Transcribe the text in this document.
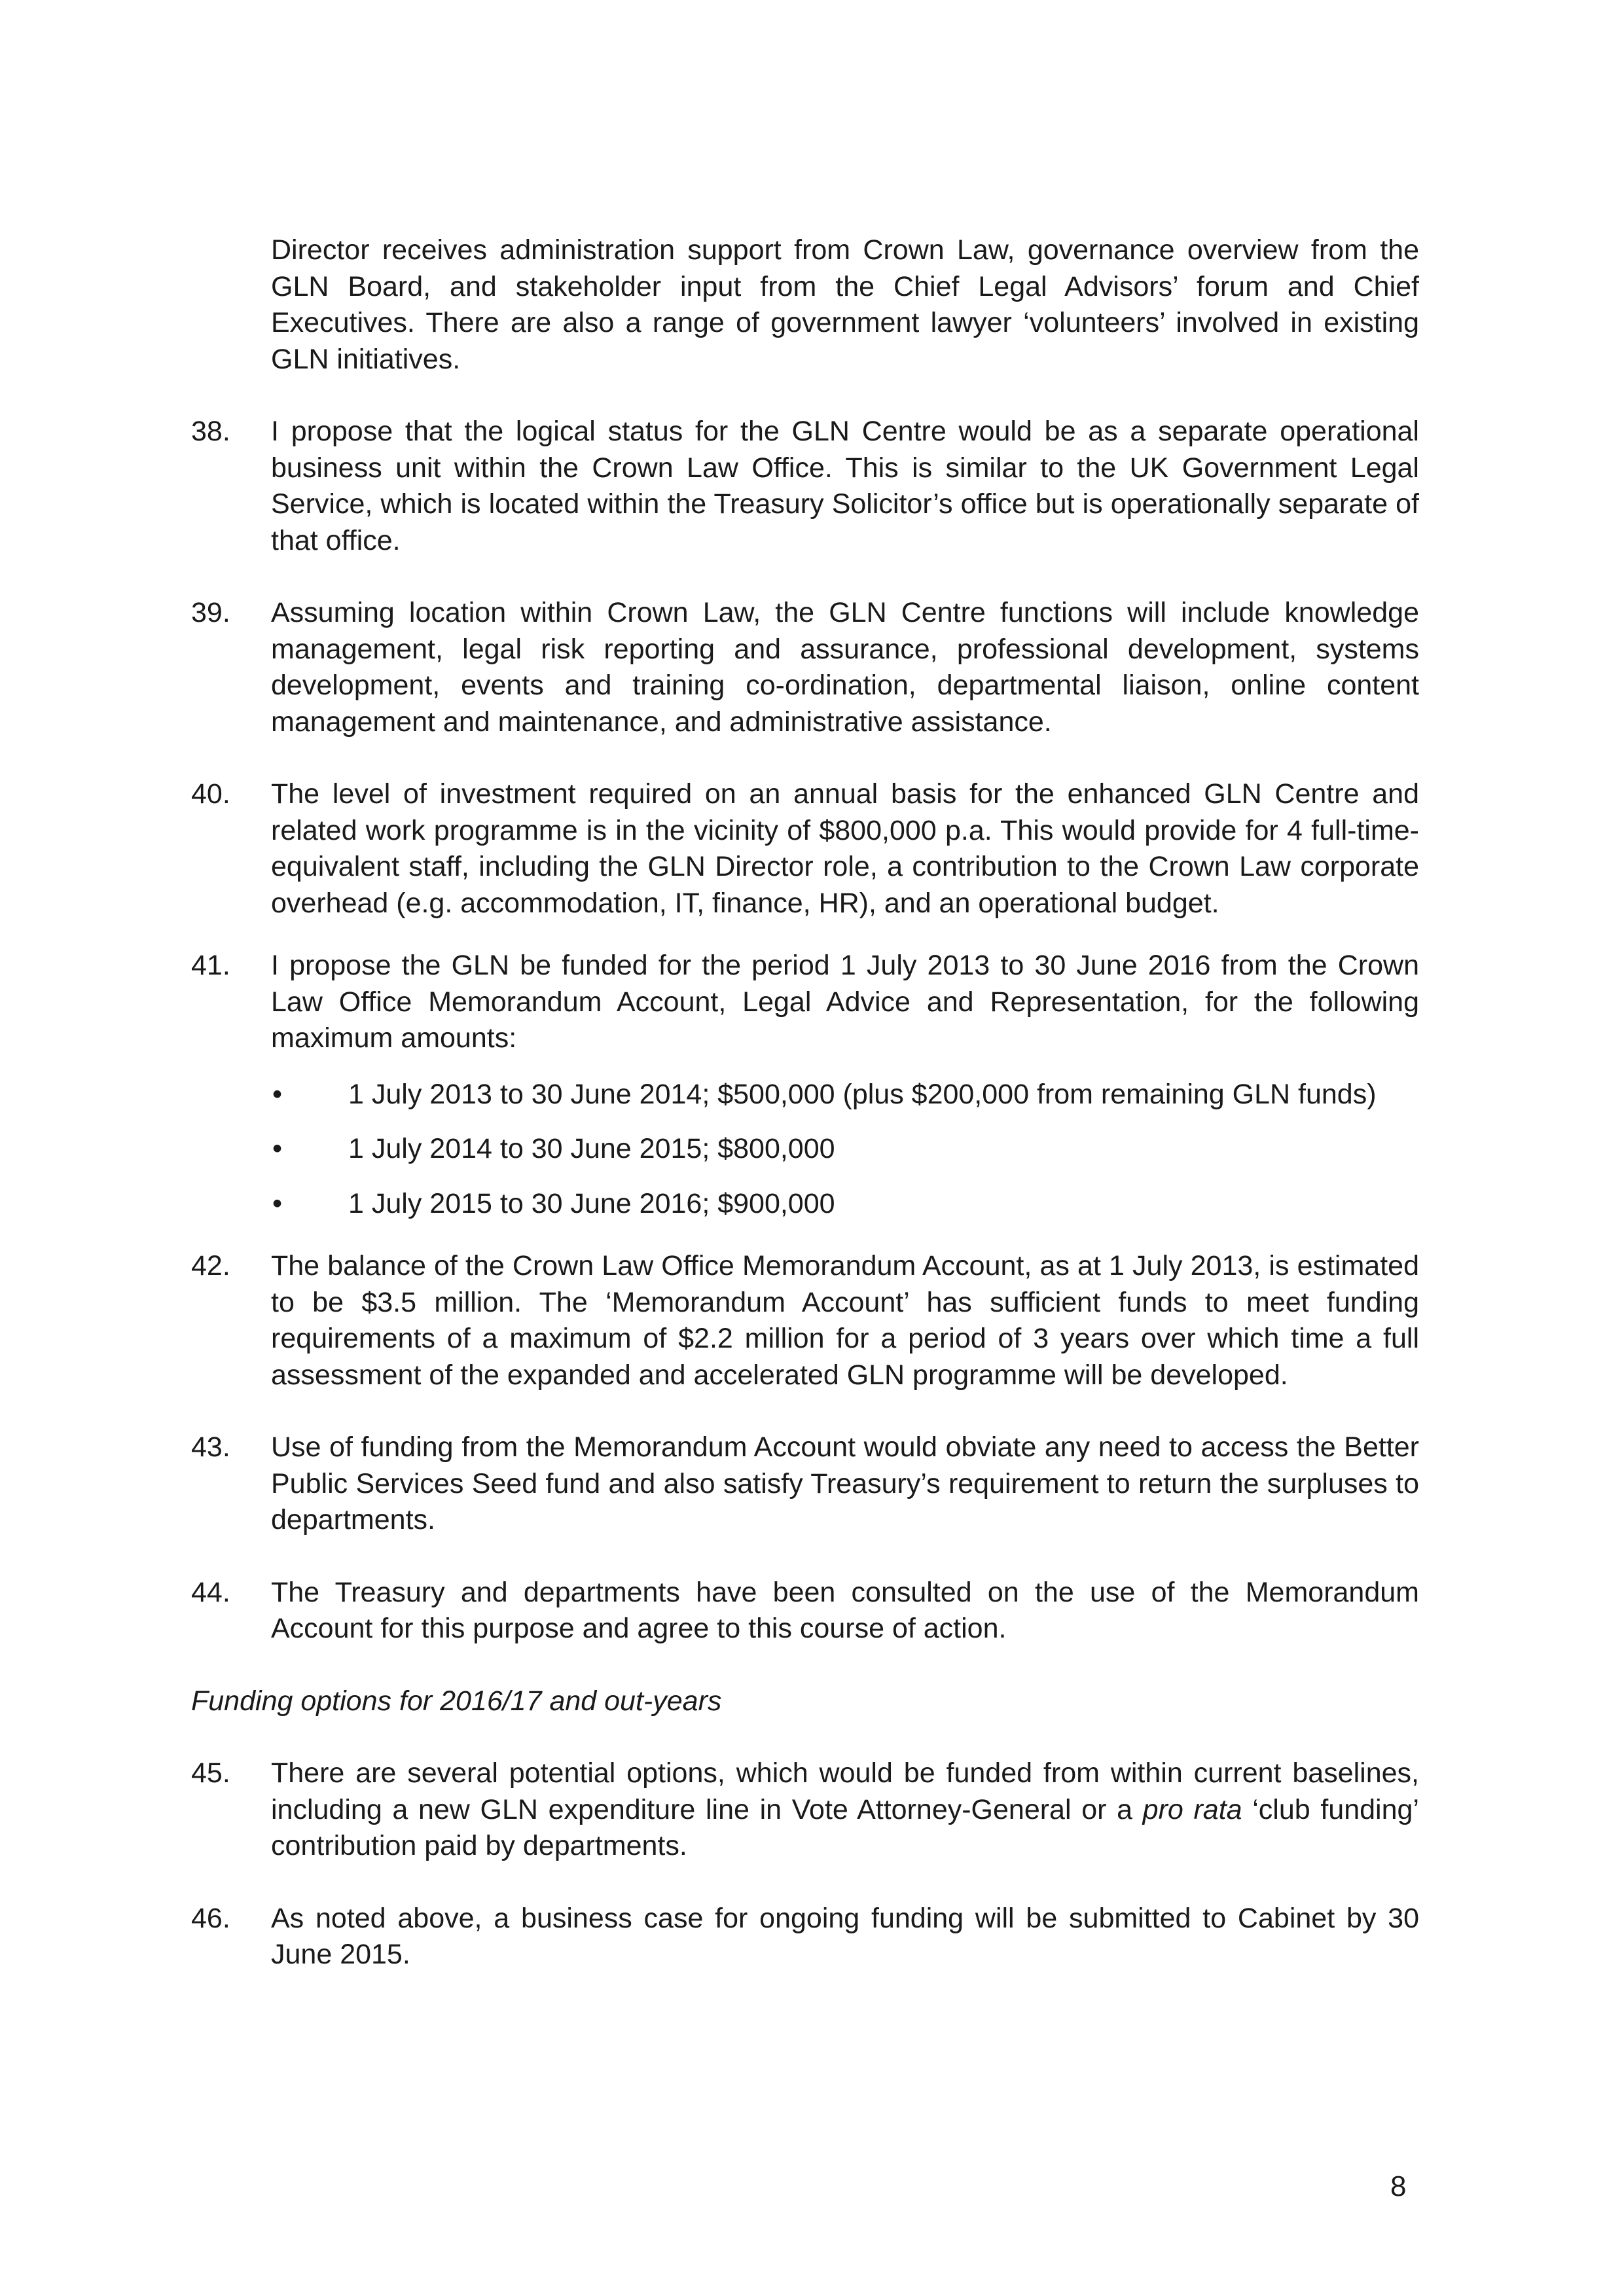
Director receives administration support from Crown Law, governance overview from the GLN Board, and stakeholder input from the Chief Legal Advisors’ forum and Chief Executives. There are also a range of government lawyer ‘volunteers’ involved in existing GLN initiatives.

38. I propose that the logical status for the GLN Centre would be as a separate operational business unit within the Crown Law Office. This is similar to the UK Government Legal Service, which is located within the Treasury Solicitor’s office but is operationally separate of that office.
39. Assuming location within Crown Law, the GLN Centre functions will include knowledge management, legal risk reporting and assurance, professional development, systems development, events and training co-ordination, departmental liaison, online content management and maintenance, and administrative assistance.
40. The level of investment required on an annual basis for the enhanced GLN Centre and related work programme is in the vicinity of $800,000 p.a. This would provide for 4 full-time-equivalent staff, including the GLN Director role, a contribution to the Crown Law corporate overhead (e.g. accommodation, IT, finance, HR), and an operational budget.
41. I propose the GLN be funded for the period 1 July 2013 to 30 June 2016 from the Crown Law Office Memorandum Account, Legal Advice and Representation, for the following maximum amounts:
• 1 July 2013 to 30 June 2014; $500,000 (plus $200,000 from remaining GLN funds)
• 1 July 2014 to 30 June 2015; $800,000
• 1 July 2015 to 30 June 2016; $900,000
42. The balance of the Crown Law Office Memorandum Account, as at 1 July 2013, is estimated to be $3.5 million. The ‘Memorandum Account’ has sufficient funds to meet funding requirements of a maximum of $2.2 million for a period of 3 years over which time a full assessment of the expanded and accelerated GLN programme will be developed.
43. Use of funding from the Memorandum Account would obviate any need to access the Better Public Services Seed fund and also satisfy Treasury’s requirement to return the surpluses to departments.
44. The Treasury and departments have been consulted on the use of the Memorandum Account for this purpose and agree to this course of action.

Funding options for 2016/17 and out-years

45. There are several potential options, which would be funded from within current baselines, including a new GLN expenditure line in Vote Attorney-General or a pro rata ‘club funding’ contribution paid by departments.
46. As noted above, a business case for ongoing funding will be submitted to Cabinet by 30 June 2015.
8
